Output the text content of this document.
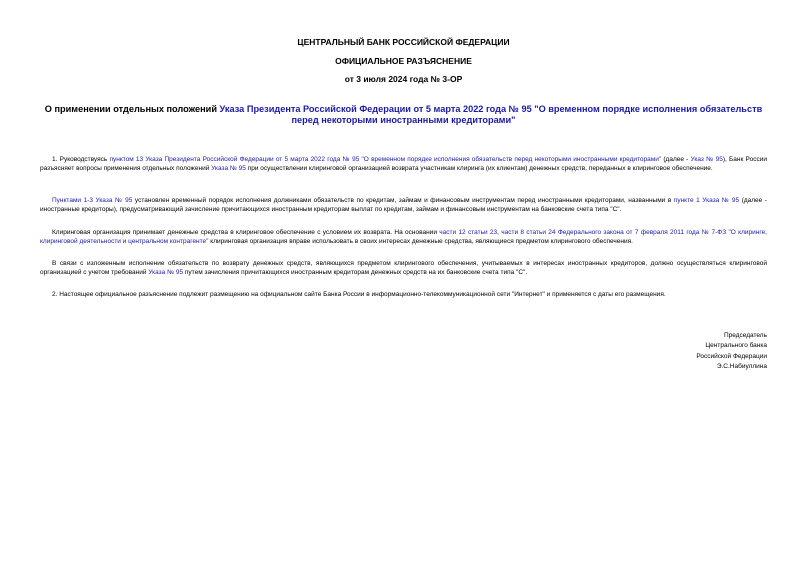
ЦЕНТРАЛЬНЫЙ БАНК РОССИЙСКОЙ ФЕДЕРАЦИИ
ОФИЦИАЛЬНОЕ РАЗЪЯСНЕНИЕ
от 3 июля 2024 года № 3-ОР
О применении отдельных положений Указа Президента Российской Федерации от 5 марта 2022 года № 95 "О временном порядке исполнения обязательств перед некоторыми иностранными кредиторами"
1. Руководствуясь пунктом 13 Указа Президента Российской Федерации от 5 марта 2022 года № 95 "О временном порядке исполнения обязательств перед некоторыми иностранными кредиторами" (далее - Указ № 95), Банк России разъясняет вопросы применения отдельных положений Указа № 95 при осуществлении клиринговой организацией возврата участникам клиринга (их клиентам) денежных средств, переданных в клиринговое обеспечение.
Пунктами 1-3 Указа № 95 установлен временный порядок исполнения должниками обязательств по кредитам, займам и финансовым инструментам перед иностранными кредиторами, названными в пункте 1 Указа № 95 (далее - иностранные кредиторы), предусматривающий зачисление причитающихся иностранным кредиторам выплат по кредитам, займам и финансовым инструментам на банковские счета типа "С".
Клиринговая организация принимает денежные средства в клиринговое обеспечение с условием их возврата. На основании части 12 статьи 23, части 8 статьи 24 Федерального закона от 7 февраля 2011 года № 7-ФЗ "О клиринге, клиринговой деятельности и центральном контрагенте" клиринговая организация вправе использовать в своих интересах денежные средства, являющиеся предметом клирингового обеспечения.
В связи с изложенным исполнение обязательств по возврату денежных средств, являющихся предметом клирингового обеспечения, учитываемых в интересах иностранных кредиторов, должно осуществляться клиринговой организацией с учетом требований Указа № 95 путем зачисления причитающихся иностранным кредиторам денежных средств на их банковские счета типа "С".
2. Настоящее официальное разъяснение подлежит размещению на официальном сайте Банка России в информационно-телекоммуникационной сети "Интернет" и применяется с даты его размещения.
Председатель
Центрального банка
Российской Федерации
Э.С.Набиуллина
